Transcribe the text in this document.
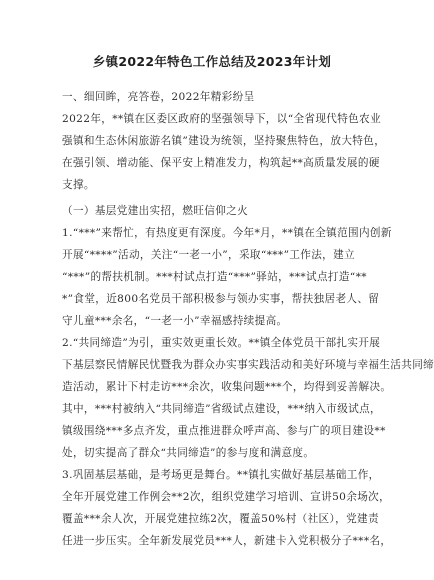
乡镇2022年特色工作总结及2023年计划
一、细回眸，亮答卷，2022年精彩纷呈
2022年，**镇在区委区政府的坚强领导下，以“全省现代特色农业
强镇和生态休闲旅游名镇”建设为统领，坚持聚焦特色，放大特色，
在强引领、增动能、保平安上精准发力，构筑起**高质量发展的硬
支撑。
（一）基层党建出实招，燃旺信仰之火
1.“***”来帮忙，有热度更有深度。今年*月，**镇在全镇范围内创新
开展“****”活动，关注“一老一小”，采取“***”工作法，建立
“***”的帮扶机制。***村试点打造“***”驿站，***试点打造“**
*”食堂，近800名党员干部积极参与领办实事，帮扶独居老人、留
守儿童***余名，“一老一小”幸福感持续提高。
2.“共同缔造”为引，重实效更重长效。**镇全体党员干部扎实开展
下基层察民情解民忧暨我为群众办实事实践活动和美好环境与幸福生活共同缔
造活动，累计下村走访***余次，收集问题***个，均得到妥善解决。
其中，***村被纳入“共同缔造”省级试点建设，***纳入市级试点，
镇级围绕***多点齐发，重点推进群众呼声高、参与广的项目建设**
处，切实提高了群众“共同缔造”的参与度和满意度。
3.巩固基层基础，是考场更是舞台。**镇扎实做好基层基础工作，
全年开展党建工作例会**2次，组织党建学习培训、宣讲50余场次，
覆盖***余人次，开展党建拉练2次，覆盖50%村（社区），党建责
任进一步压实。全年新发展党员***人，新建卡入党积极分子***名，
